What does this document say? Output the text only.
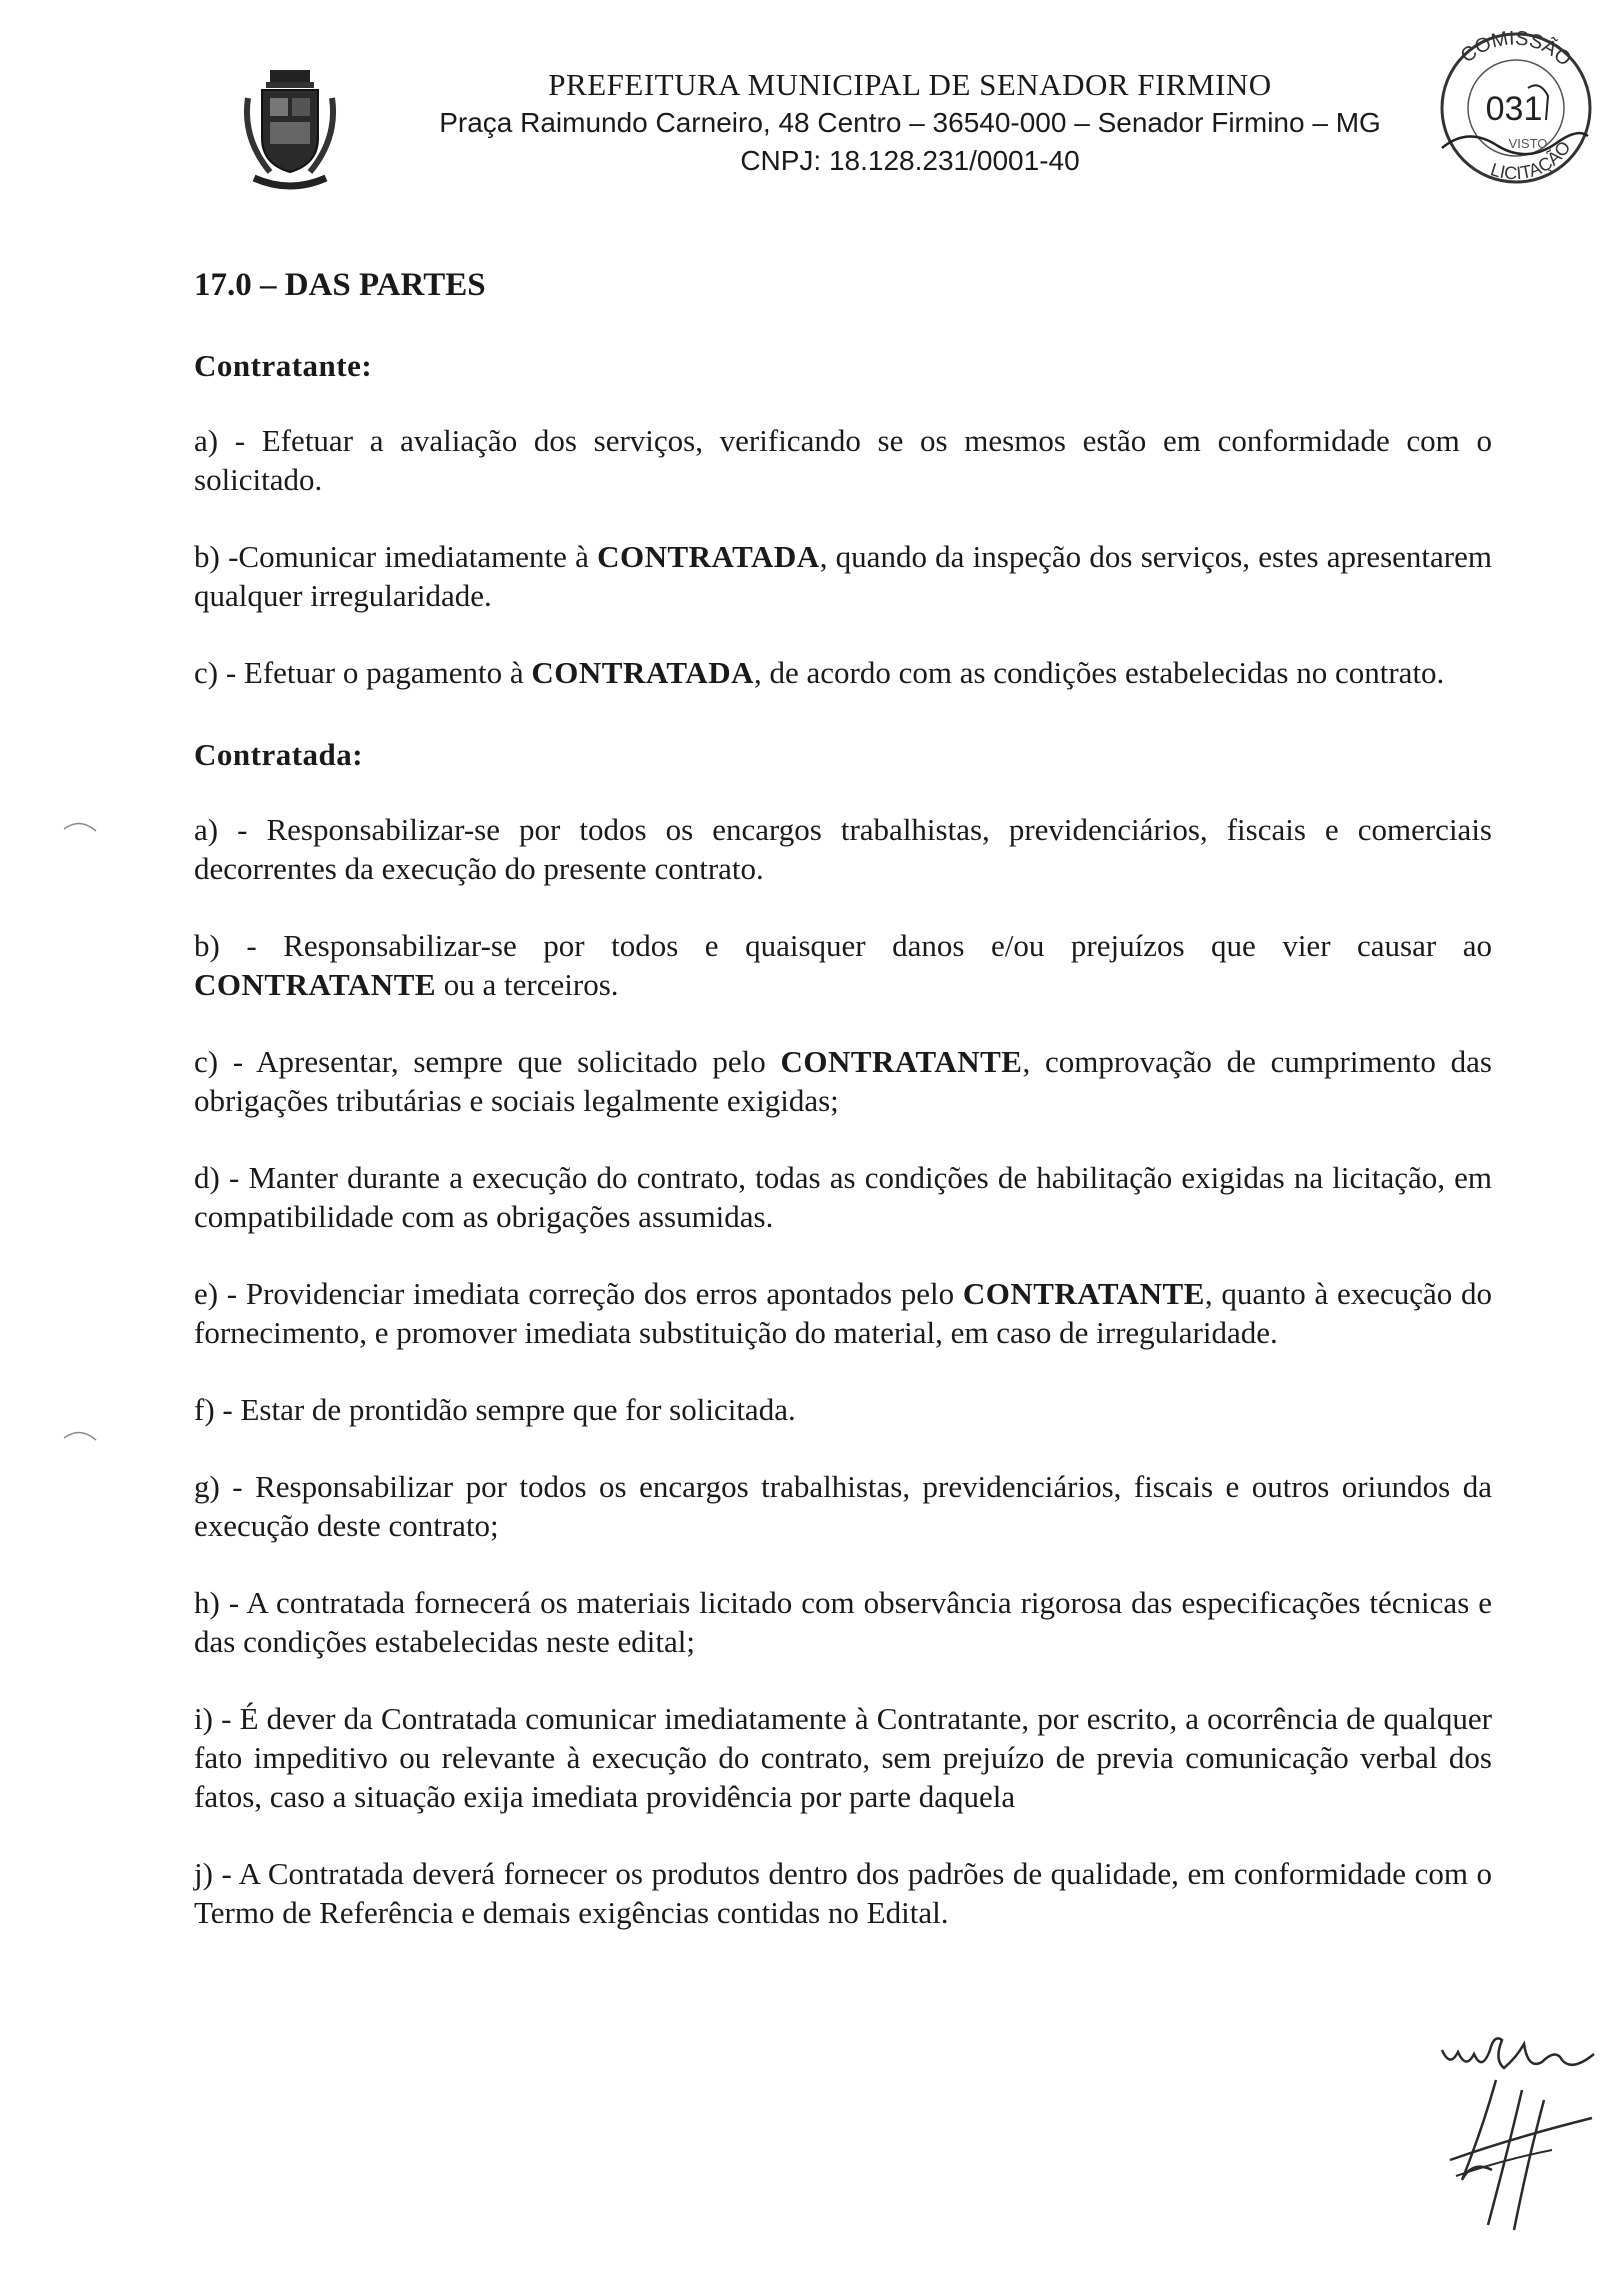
PREFEITURA MUNICIPAL DE SENADOR FIRMINO
Praça Raimundo Carneiro, 48 Centro – 36540-000 – Senador Firmino – MG
CNPJ: 18.128.231/0001-40
COMISSÃO
LICITAÇÃO
031
VISTO
17.0 – DAS PARTES
Contratante:

a) - Efetuar a avaliação dos serviços, verificando se os mesmos estão em conformidade com o solicitado.

b) -Comunicar imediatamente à CONTRATADA, quando da inspeção dos serviços, estes apresentarem qualquer irregularidade.

c) - Efetuar o pagamento à CONTRATADA, de acordo com as condições estabelecidas no contrato.

Contratada:

a) - Responsabilizar-se por todos os encargos trabalhistas, previdenciários, fiscais e comerciais decorrentes da execução do presente contrato.

b) - Responsabilizar-se por todos e quaisquer danos e/ou prejuízos que vier causar ao CONTRATANTE ou a terceiros.

c) - Apresentar, sempre que solicitado pelo CONTRATANTE, comprovação de cumprimento das obrigações tributárias e sociais legalmente exigidas;

d) - Manter durante a execução do contrato, todas as condições de habilitação exigidas na licitação, em compatibilidade com as obrigações assumidas.

e) - Providenciar imediata correção dos erros apontados pelo CONTRATANTE, quanto à execução do fornecimento, e promover imediata substituição do material, em caso de irregularidade.

f) - Estar de prontidão sempre que for solicitada.

g) - Responsabilizar por todos os encargos trabalhistas, previdenciários, fiscais e outros oriundos da execução deste contrato;

h) - A contratada fornecerá os materiais licitado com observância rigorosa das especificações técnicas e das condições estabelecidas neste edital;

i) - É dever da Contratada comunicar imediatamente à Contratante, por escrito, a ocorrência de qualquer fato impeditivo ou relevante à execução do contrato, sem prejuízo de previa comunicação verbal dos fatos, caso a situação exija imediata providência por parte daquela

j) - A Contratada deverá fornecer os produtos dentro dos padrões de qualidade, em conformidade com o Termo de Referência e demais exigências contidas no Edital.
